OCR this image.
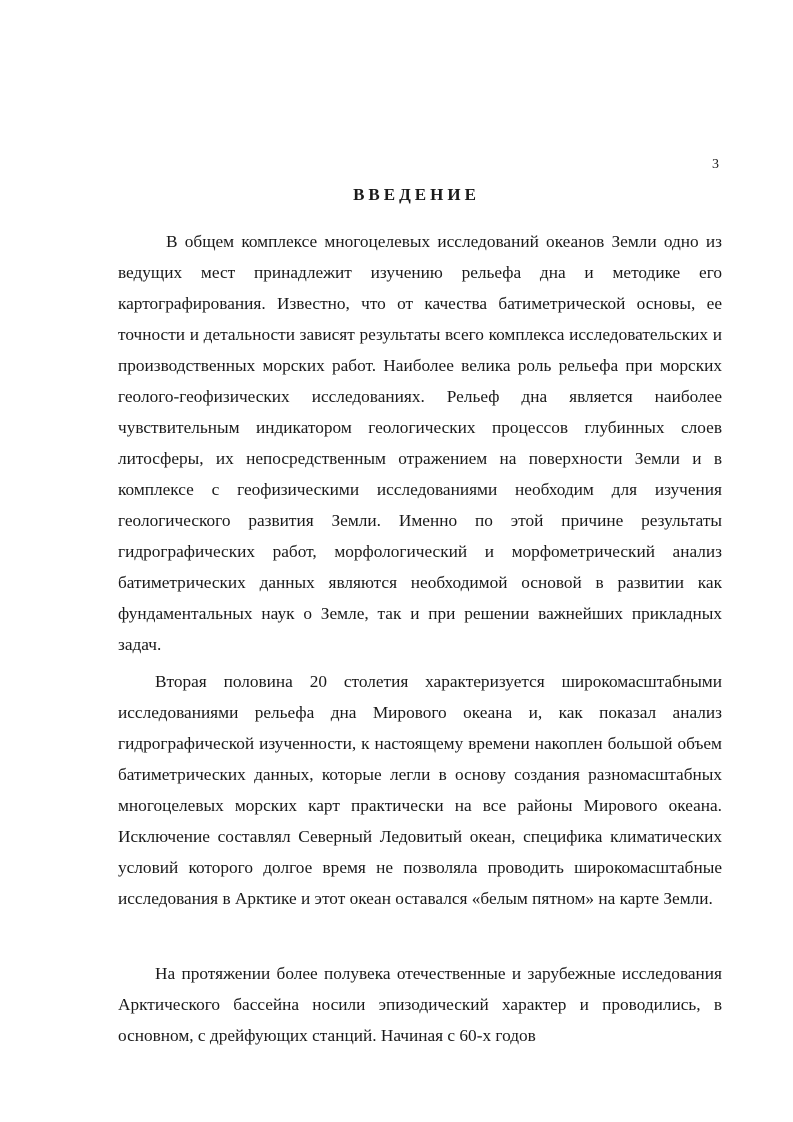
3
ВВЕДЕНИЕ

В общем комплексе многоцелевых исследований океанов Земли одно из ведущих мест принадлежит изучению рельефа дна и методике его картографирования. Известно, что от качества батиметрической основы, ее точности и детальности зависят результаты всего комплекса исследовательских и производственных морских работ. Наиболее велика роль рельефа при морских геолого-геофизических исследованиях. Рельеф дна является наиболее чувствительным индикатором геологических процессов глубинных слоев литосферы, их непосредственным отражением на поверхности Земли и в комплексе с геофизическими исследованиями необходим для изучения геологического развития Земли. Именно по этой причине результаты гидрографических работ, морфологический и морфометрический анализ батиметрических данных являются необходимой основой в развитии как фундаментальных наук о Земле, так и при решении важнейших прикладных задач.

Вторая половина 20 столетия характеризуется широкомасштабными исследованиями рельефа дна Мирового океана и, как показал анализ гидрографической изученности, к настоящему времени накоплен большой объем батиметрических данных, которые легли в основу создания разномасштабных многоцелевых морских карт практически на все районы Мирового океана. Исключение составлял Северный Ледовитый океан, специфика климатических условий которого долгое время не позволяла проводить широкомасштабные исследования в Арктике и этот океан оставался «белым пятном» на карте Земли.

На протяжении более полувека отечественные и зарубежные исследования Арктического бассейна носили эпизодический характер и проводились, в основном, с дрейфующих станций. Начиная с 60-х годов
